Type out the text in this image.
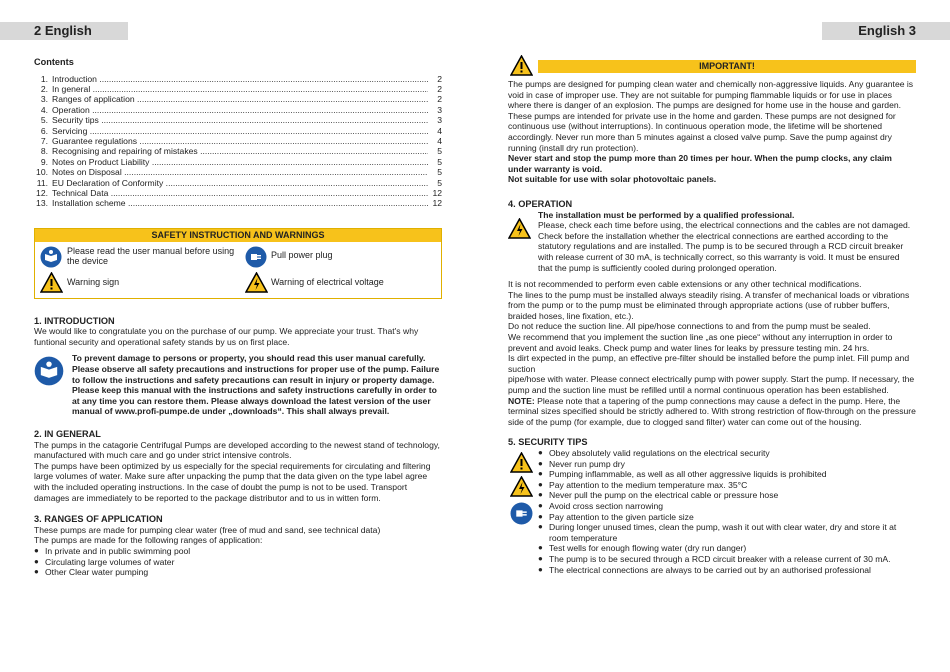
2 English	English 3
Contents
1. Introduction .....	2
2. In general .....	2
3. Ranges of application .....	2
4. Operation .....	3
5. Security tips .....	3
6. Servicing .....	4
7. Guarantee regulations .....	4
8. Recognising and repairing of mistakes .....	5
9. Notes on Product Liability .....	5
10. Notes on Disposal .....	5
11. EU Declaration of Conformity .....	5
12. Technical Data .....	12
13. Installation scheme .....	12
SAFETY INSTRUCTION AND WARNINGS
Please read the user manual before using the device
Pull power plug
Warning sign	Warning of electrical voltage
1. INTRODUCTION
We would like to congratulate you on the purchase of our pump. We appreciate your trust. That's why funtional security and operational safety stands by us on first place.
To prevent damage to persons or property, you should read this user manual carefully. Please observe all safety precautions and instructions for proper use of the pump. Failure to follow the instructions and safety precautions can result in injury or property damage.
Please keep this manual with the instructions and safety instructions carefully in order to at any time you can restore them. Please always download the latest version of the user manual of www.profi-pumpe.de under „downloads“. This shall always prevail.
2. IN GENERAL
The pumps in the catagorie Centrifugal Pumps are developed according to the newest stand of technology, manufactured with much care and go under strict intensive controls.
The pumps have been optimized by us especially for the special requirements for circulating and filtering large volumes of water. Make sure after unpacking the pump that the data given on the type label agree with the included operating instructions. In the case of doubt the pump is not to be used. Transport damages are immediately to be reported to the package distributor and to us in witten form.
3. RANGES OF APPLICATION
These pumps are made for pumping clear water (free of mud and sand, see technical data)
The pumps are made for the following ranges of application:
● In private and in public swimming pool
● Circulating large volumes of water
● Other Clear water pumping
IMPORTANT!
The pumps are designed for pumping clean water and chemically non-aggressive liquids. Any guarantee is void in case of improper use. They are not suitable for pumping flammable liquids or for use in places where there is danger of an explosion. The pumps are designed for home use in the house and garden.
These pumps are intended for private use in the home and garden. These pumps are not designed for continuous use (without interruptions). In continuous operation mode, the lifetime will be shortened accordingly. Never run more than 5 minutes against a closed valve pump. Save the pump against dry running (install dry run protection).
Never start and stop the pump more than 20 times per hour. When the pump clocks, any claim under warranty is void.
Not suitable for use with solar photovoltaic panels.
4. OPERATION
The installation must be performed by a qualified professional.
Please, check each time before using, the electrical connections and the cables are not damaged. Check before the installation whether the electrical connections are earthed according to the statutory regulations and are installed. The pump is to be secured through a RCD circuit breaker with release current of 30 mA, is technically correct, so this warranty is void. It must be ensured that the pump is sufficiently cooled during prolonged operation.
It is not recommended to perform even cable extensions or any other technical modifications.
The lines to the pump must be installed always steadily rising. A transfer of mechanical loads or vibrations from the pump or to the pump must be eliminated through appropriate actions (use of rubber buffers, braided hoses, line fixation, etc.).
Do not reduce the suction line. All pipe/hose connections to and from the pump must be sealed.
We recommend that you implement the suction line „as one piece“ without any interruption in order to prevent and avoid leaks. Check pump and water lines for leaks by pressure testing min. 24 hrs.
Is dirt expected in the pump, an effective pre-filter should be installed before the pump inlet. Fill pump and suction
pipe/hose with water. Please connect electrically pump with power supply. Start the pump. If necessary, the pump and the suction line must be refilled until a normal continuous operation has been established.
NOTE: Please note that a tapering of the pump connections may cause a defect in the pump. Here, the terminal sizes specified should be strictly adhered to. With strong restriction of flow-through on the pressure side of the pump (for example, due to clogged sand filter) water can come out of the housing.
5. SECURITY TIPS
● Obey absolutely valid regulations on the electrical security
● Never run pump dry
● Pumping inflammable, as well as all other aggressive liquids is prohibited
● Pay attention to the medium temperature max. 35°C
● Never pull the pump on the electrical cable or pressure hose
● Avoid cross section narrowing
● Pay attention to the given particle size
● During longer unused times, clean the pump, wash it out with clear water, dry and store it at room temperature
● Test wells for enough flowing water (dry run danger)
● The pump is to be secured through a RCD circuit breaker with a release current of 30 mA.
● The electrical connections are always to be carried out by an authorised professional
